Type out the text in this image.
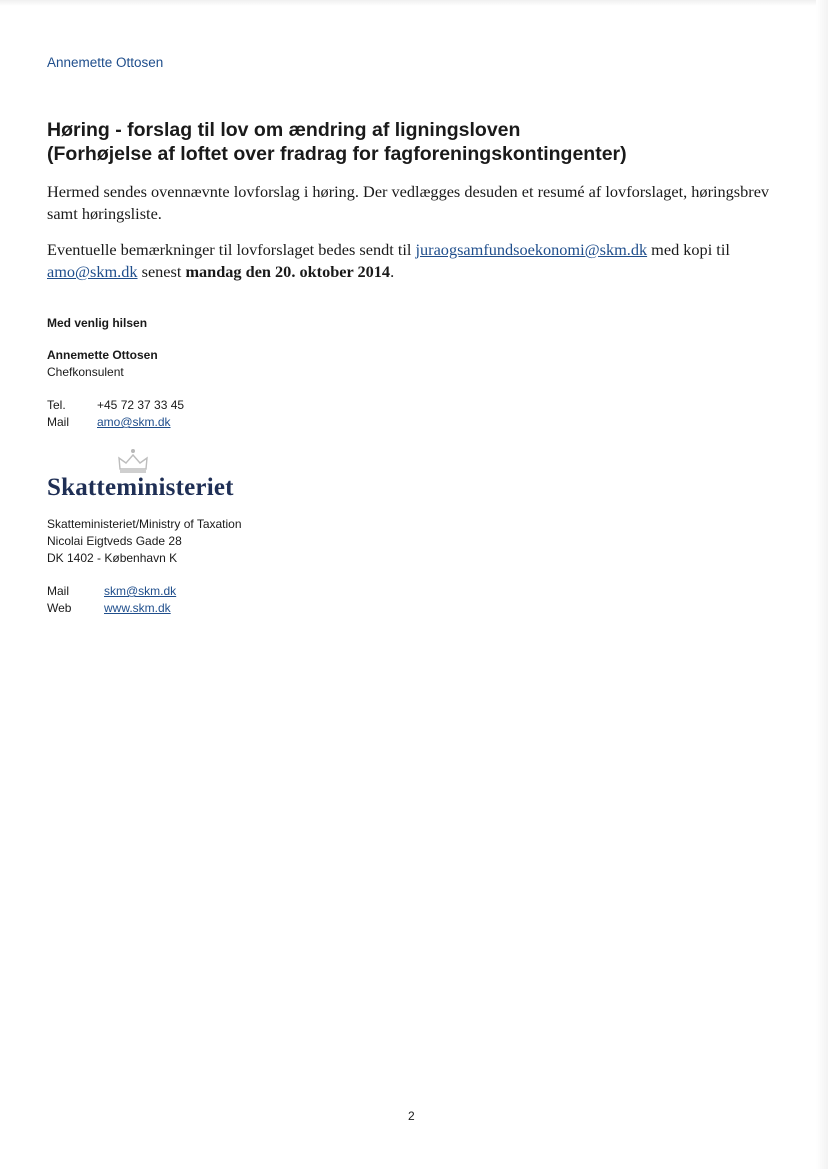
Annemette Ottosen
Høring - forslag til lov om ændring af ligningsloven
(Forhøjelse af loftet over fradrag for fagforeningskontingenter)
Hermed sendes ovennævnte lovforslag i høring. Der vedlægges desuden et resumé af lovforslaget, høringsbrev samt høringsliste.
Eventuelle bemærkninger til lovforslaget bedes sendt til juraogsamfundsoekonomi@skm.dk med kopi til amo@skm.dk senest mandag den 20. oktober 2014.
Med venlig hilsen
Annemette Ottosen
Chefkonsulent
Tel.	+45 72 37 33 45
Mail amo@skm.dk
Skatteministeriet
Skatteministeriet/Ministry of Taxation
Nicolai Eigtveds Gade 28
DK 1402 - København K
Mail	skm@skm.dk
Web	www.skm.dk
2
